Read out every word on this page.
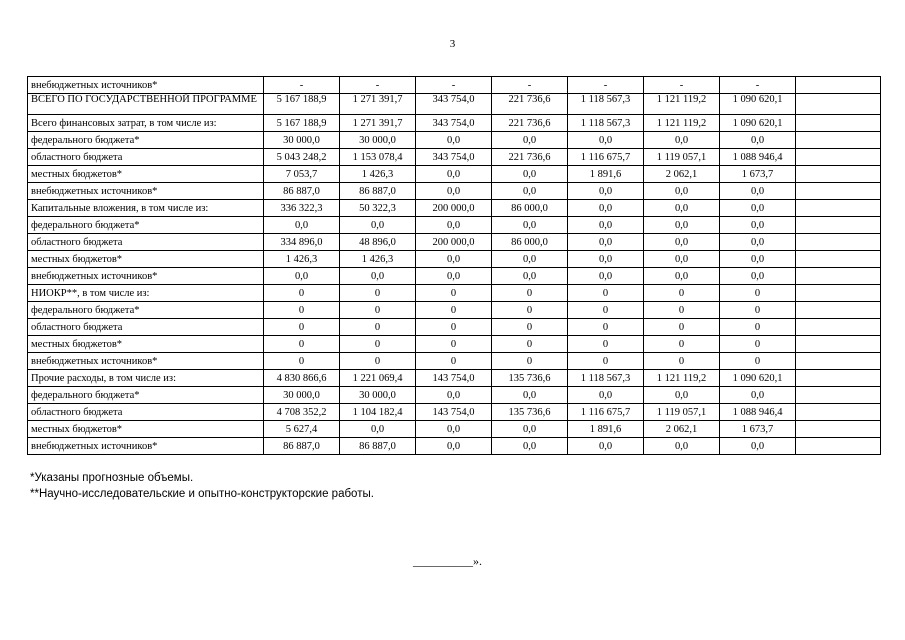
3
внебюджетных источников*	-	-	-	-	-	-	-	
ВСЕГО ПО ГОСУДАРСТВЕННОЙ ПРОГРАММЕ	5 167 188,9	1 271 391,7	343 754,0	221 736,6	1 118 567,3	1 121 119,2	1 090 620,1	
Всего финансовых затрат, в том числе из:	5 167 188,9	1 271 391,7	343 754,0	221 736,6	1 118 567,3	1 121 119,2	1 090 620,1	
федерального бюджета*	30 000,0	30 000,0	0,0	0,0	0,0	0,0	0,0	
областного бюджета	5 043 248,2	1 153 078,4	343 754,0	221 736,6	1 116 675,7	1 119 057,1	1 088 946,4	
местных бюджетов*	7 053,7	1 426,3	0,0	0,0	1 891,6	2 062,1	1 673,7	
внебюджетных источников*	86 887,0	86 887,0	0,0	0,0	0,0	0,0	0,0	
Капитальные вложения, в том числе из:	336 322,3	50 322,3	200 000,0	86 000,0	0,0	0,0	0,0	
федерального бюджета*	0,0	0,0	0,0	0,0	0,0	0,0	0,0	
областного бюджета	334 896,0	48 896,0	200 000,0	86 000,0	0,0	0,0	0,0	
местных бюджетов*	1 426,3	1 426,3	0,0	0,0	0,0	0,0	0,0	
внебюджетных источников*	0,0	0,0	0,0	0,0	0,0	0,0	0,0	
НИОКР**, в том числе из:	0	0	0	0	0	0	0	
федерального бюджета*	0	0	0	0	0	0	0	
областного бюджета	0	0	0	0	0	0	0	
местных бюджетов*	0	0	0	0	0	0	0	
внебюджетных источников*	0	0	0	0	0	0	0	
Прочие расходы, в том числе из:	4 830 866,6	1 221 069,4	143 754,0	135 736,6	1 118 567,3	1 121 119,2	1 090 620,1	
федерального бюджета*	30 000,0	30 000,0	0,0	0,0	0,0	0,0	0,0	
областного бюджета	4 708 352,2	1 104 182,4	143 754,0	135 736,6	1 116 675,7	1 119 057,1	1 088 946,4	
местных бюджетов*	5 627,4	0,0	0,0	0,0	1 891,6	2 062,1	1 673,7	
внебюджетных источников*	86 887,0	86 887,0	0,0	0,0	0,0	0,0	0,0	
*Указаны прогнозные объемы.
**Научно-исследовательские и опытно-конструкторские работы.
__________».
